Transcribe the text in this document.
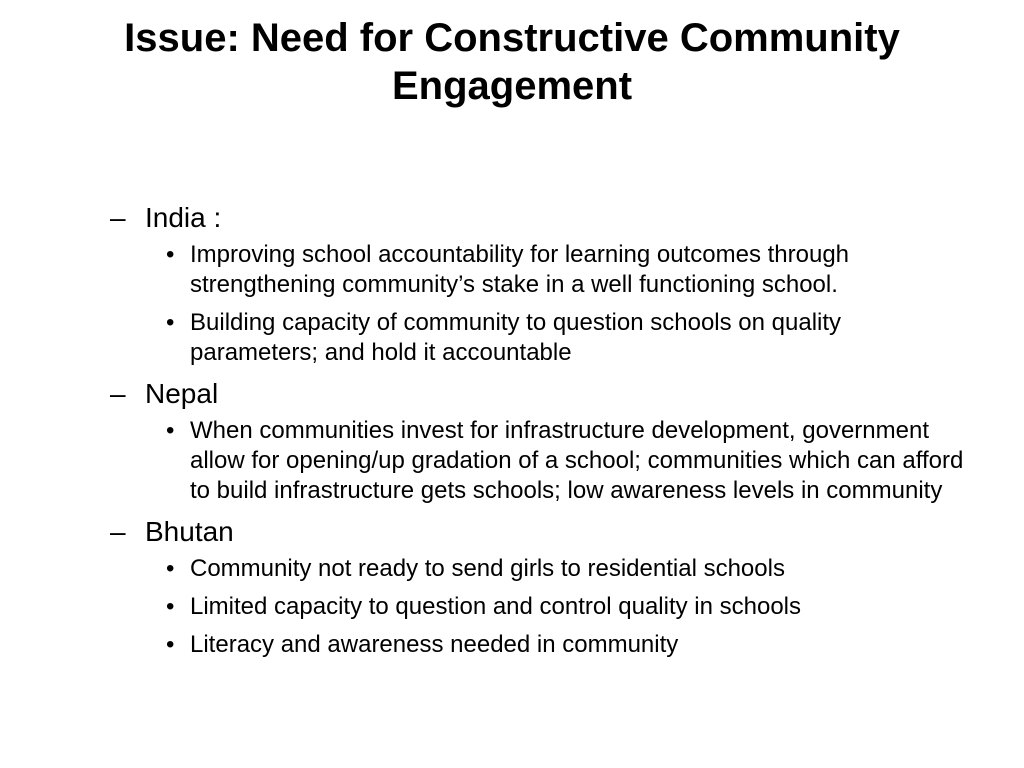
Issue: Need for Constructive Community Engagement
– India :
• Improving school accountability for learning outcomes through strengthening community’s stake in a well functioning school.
• Building capacity of community to question schools on quality parameters; and hold it accountable
– Nepal
• When communities invest for infrastructure development, government allow for opening/up gradation of a school; communities which can afford to build infrastructure gets schools; low awareness levels in community
– Bhutan
• Community not ready to send girls to residential schools
• Limited capacity to question and control quality in schools
• Literacy and awareness needed in community
